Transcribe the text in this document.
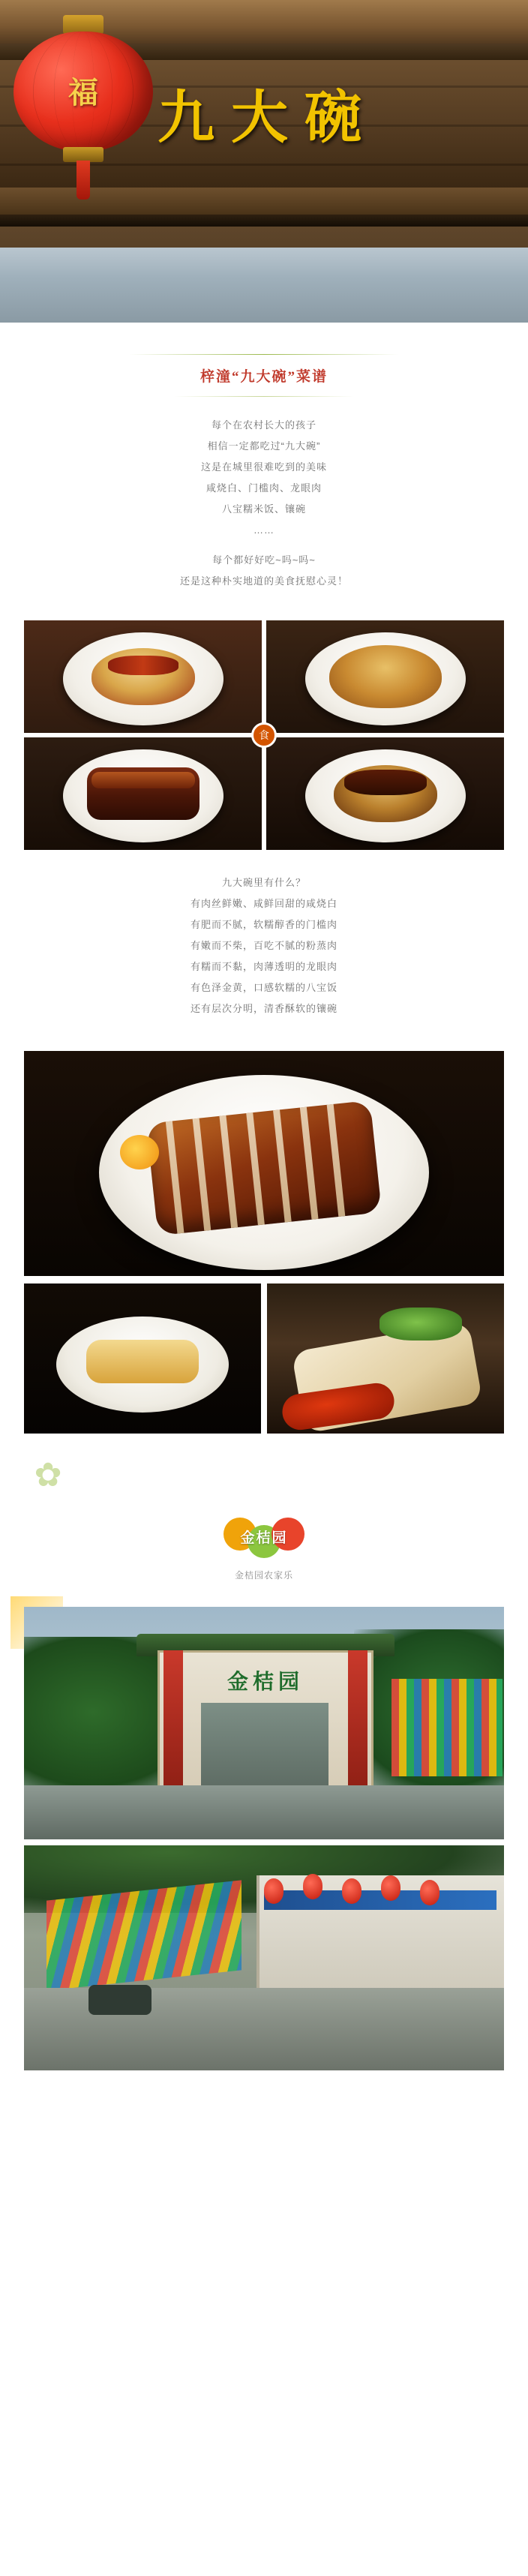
九大碗
福
梓潼“九大碗”菜谱
每个在农村长大的孩子
相信一定都吃过“九大碗”
这是在城里很难吃到的美味
咸烧白、门槛肉、龙眼肉
八宝糯米饭、镶碗
……
每个都好好吃~吗~吗~
还是这种朴实地道的美食抚慰心灵！
食
九大碗里有什么？
有肉丝鲜嫩、咸鲜回甜的咸烧白
有肥而不腻，软糯醇香的门槛肉
有嫩而不柴，百吃不腻的粉蒸肉
有糯而不黏，肉薄透明的龙眼肉
有色泽金黄，口感软糯的八宝饭
还有层次分明，清香酥软的镶碗
✿
金桔园
金桔园农家乐
金桔园
